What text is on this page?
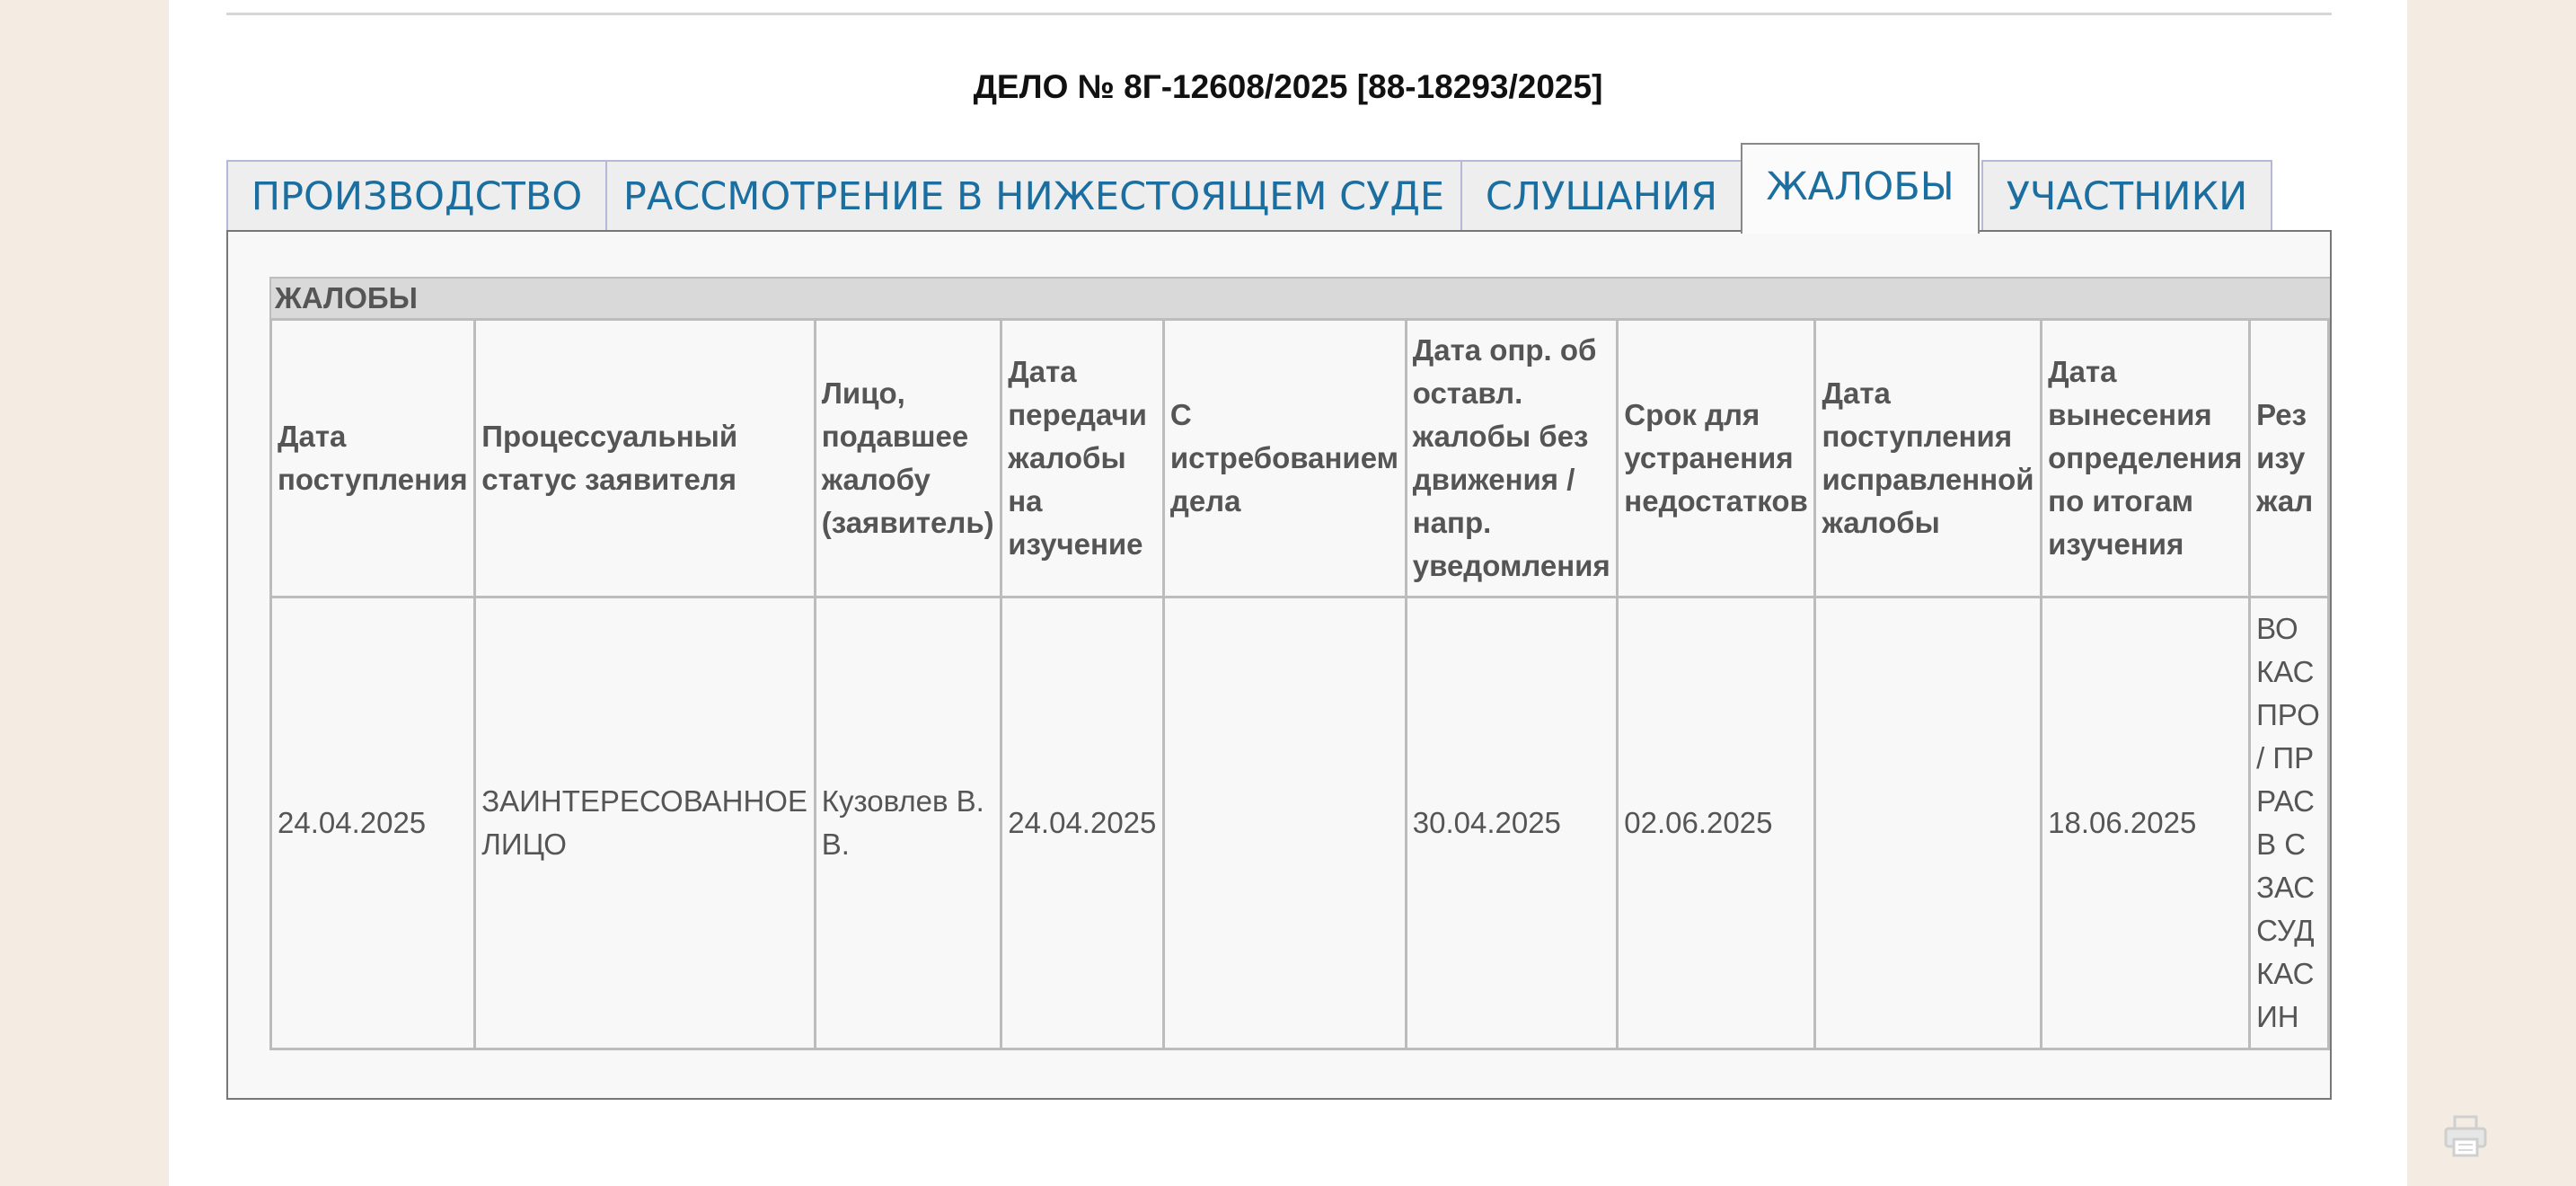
ДЕЛО № 8Г-12608/2025 [88-18293/2025]
ПРОИЗВОДСТВО	РАССМОТРЕНИЕ В НИЖЕСТОЯЩЕМ СУДЕ	СЛУШАНИЯ	ЖАЛОБЫ	УЧАСТНИКИ
ЖАЛОБЫ
Дата поступления	Процессуальный статус заявителя	Лицо, подавшее жалобу (заявитель)	Дата передачи жалобы на изучение	С истребованием дела	Дата опр. об оставл. жалобы без движения / напр. уведомления	Срок для устранения недостатков	Дата поступления исправленной жалобы	Дата вынесения определения по итогам изучения	Рез изу жал
24.04.2025	ЗАИНТЕРЕСОВАННОЕ ЛИЦО	Кузовлев В. В.	24.04.2025		30.04.2025	02.06.2025		18.06.2025	ВО КАС ПРО / ПР РАС В С ЗАС СУД КАС ИН
